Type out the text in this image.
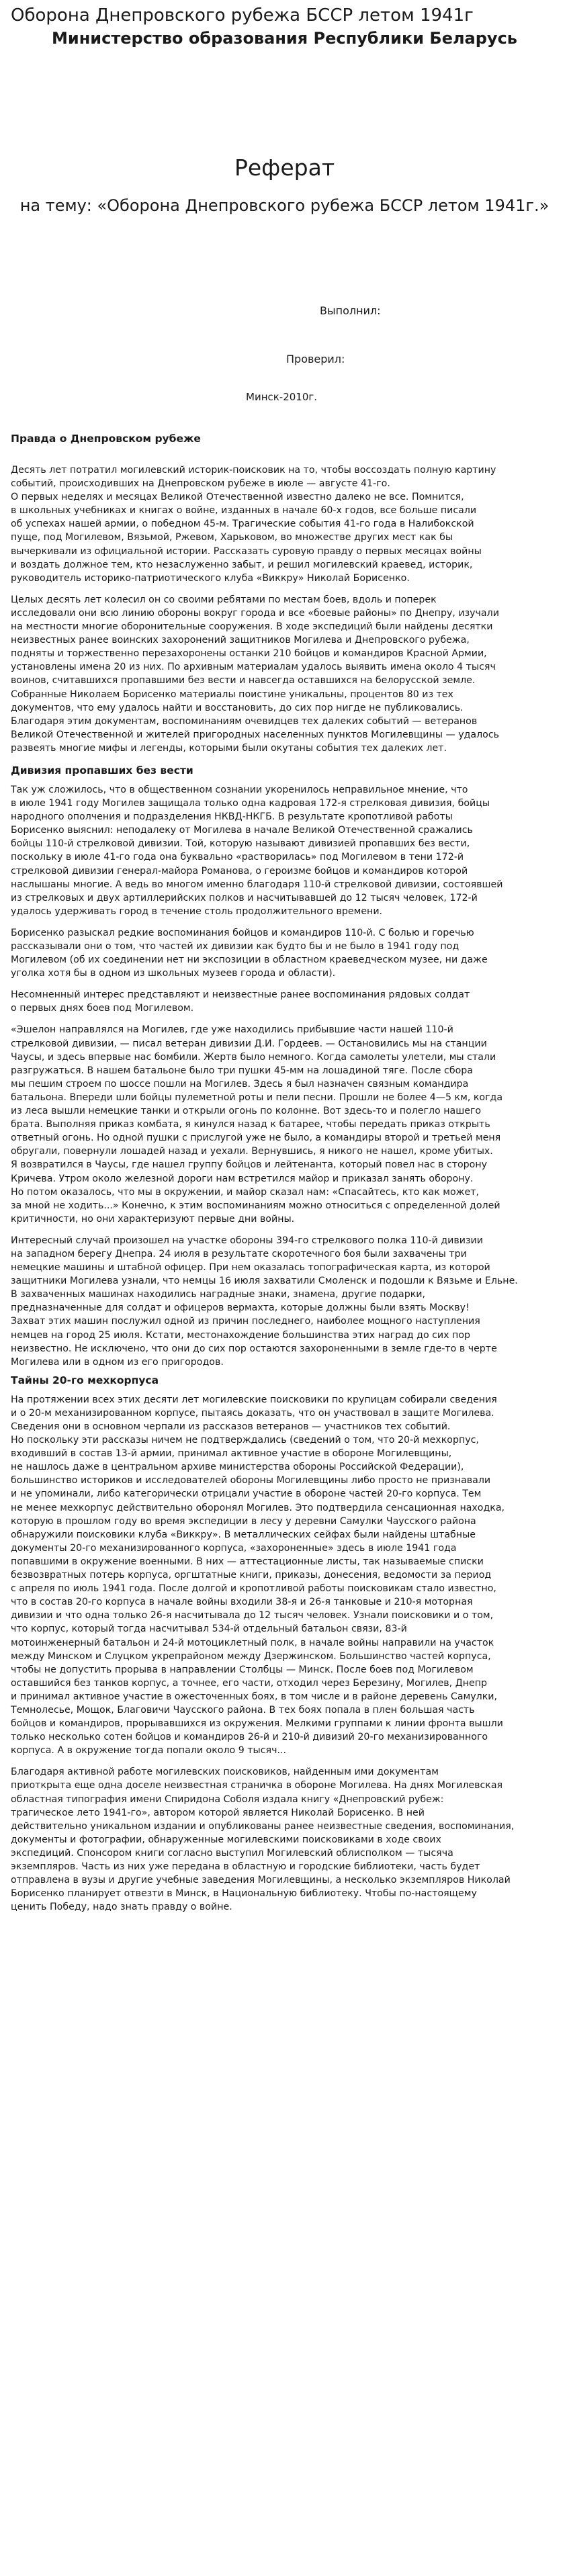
Оборона Днепровского рубежа БССР летом 1941г
Министерство образования Республики Беларусь
Реферат
на тему: «Оборона Днепровского рубежа БССР летом 1941г.»
Выполнил:
Проверил:
Минск-2010г.
Правда о Днепровском рубеже

Десять лет потратил могилевский историк-поисковик на то, чтобы воссоздать полную картину
событий, происходивших на Днепровском рубеже в июле — августе 41-го.
О первых неделях и месяцах Великой Отечественной известно далеко не все. Помнится,
в школьных учебниках и книгах о войне, изданных в начале 60-х годов, все больше писали
об успехах нашей армии, о победном 45-м. Трагические события 41-го года в Налибокской
пуще, под Могилевом, Вязьмой, Ржевом, Харьковом, во множестве других мест как бы
вычеркивали из официальной истории. Рассказать суровую правду о первых месяцах войны
и воздать должное тем, кто незаслуженно забыт, и решил могилевский краевед, историк,
руководитель историко-патриотического клуба «Виккру» Николай Борисенко.

Целых десять лет колесил он со своими ребятами по местам боев, вдоль и поперек
исследовали они всю линию обороны вокруг города и все «боевые районы» по Днепру, изучали
на местности многие оборонительные сооружения. В ходе экспедиций были найдены десятки
неизвестных ранее воинских захоронений защитников Могилева и Днепровского рубежа,
подняты и торжественно перезахоронены останки 210 бойцов и командиров Красной Армии,
установлены имена 20 из них. По архивным материалам удалось выявить имена около 4 тысяч
воинов, считавшихся пропавшими без вести и навсегда оставшихся на белорусской земле.
Собранные Николаем Борисенко материалы поистине уникальны, процентов 80 из тех
документов, что ему удалось найти и восстановить, до сих пор нигде не публиковались.
Благодаря этим документам, воспоминаниям очевидцев тех далеких событий — ветеранов
Великой Отечественной и жителей пригородных населенных пунктов Могилевщины — удалось
развеять многие мифы и легенды, которыми были окутаны события тех далеких лет.

Дивизия пропавших без вести

Так уж сложилось, что в общественном сознании укоренилось неправильное мнение, что
в июле 1941 году Могилев защищала только одна кадровая 172-я стрелковая дивизия, бойцы
народного ополчения и подразделения НКВД-НКГБ. В результате кропотливой работы
Борисенко выяснил: неподалеку от Могилева в начале Великой Отечественной сражались
бойцы 110-й стрелковой дивизии. Той, которую называют дивизией пропавших без вести,
поскольку в июле 41-го года она буквально «растворилась» под Могилевом в тени 172-й
стрелковой дивизии генерал-майора Романова, о героизме бойцов и командиров которой
наслышаны многие. А ведь во многом именно благодаря 110-й стрелковой дивизии, состоявшей
из стрелковых и двух артиллерийских полков и насчитывавшей до 12 тысяч человек, 172-й
удалось удерживать город в течение столь продолжительного времени.

Борисенко разыскал редкие воспоминания бойцов и командиров 110-й. С болью и горечью
рассказывали они о том, что частей их дивизии как будто бы и не было в 1941 году под
Могилевом (об их соединении нет ни экспозиции в областном краеведческом музее, ни даже
уголка хотя бы в одном из школьных музеев города и области).

Несомненный интерес представляют и неизвестные ранее воспоминания рядовых солдат
о первых днях боев под Могилевом.

«Эшелон направлялся на Могилев, где уже находились прибывшие части нашей 110-й
стрелковой дивизии, — писал ветеран дивизии Д.И. Гордеев. — Остановились мы на станции
Чаусы, и здесь впервые нас бомбили. Жертв было немного. Когда самолеты улетели, мы стали
разгружаться. В нашем батальоне было три пушки 45-мм на лошадиной тяге. После сборa
мы пешим строем по шоссе пошли на Могилев. Здесь я был назначен связным командира
батальона. Впереди шли бойцы пулеметной роты и пели песни. Прошли не более 4—5 км, когда
из леса вышли немецкие танки и открыли огонь по колонне. Вот здесь-то и полегло нашего
брата. Выполняя приказ комбата, я кинулся назад к батарее, чтобы передать приказ открыть
ответный огонь. Но одной пушки с прислугой уже не было, а командиры второй и третьей меня
обругали, повернули лошадей назад и уехали. Вернувшись, я никого не нашел, кроме убитых.
Я возвратился в Чаусы, где нашел группу бойцов и лейтенанта, который повел нас в сторону
Кричева. Утром около железной дороги нам встретился майор и приказал занять оборону.
Но потом оказалось, что мы в окружении, и майор сказал нам: «Спасайтесь, кто как может,
за мной не ходить...» Конечно, к этим воспоминаниям можно относиться с определенной долей
критичности, но они характеризуют первые дни войны.

Интересный случай произошел на участке обороны 394-го стрелкового полка 110-й дивизии
на западном берегу Днепра. 24 июля в результате скоротечного боя были захвачены три
немецкие машины и штабной офицер. При нем оказалась топографическая карта, из которой
защитники Могилева узнали, что немцы 16 июля захватили Смоленск и подошли к Вязьме и Ельне.
В захваченных машинах находились наградные знаки, знамена, другие подарки,
предназначенные для солдат и офицеров вермахта, которые должны были взять Москву!
Захват этих машин послужил одной из причин последнего, наиболее мощного наступления
немцев на город 25 июля. Кстати, местонахождение большинства этих наград до сих пор
неизвестно. Не исключено, что они до сих пор остаются захороненными в земле где-то в черте
Могилева или в одном из его пригородов.

Тайны 20-го мехкорпуса

На протяжении всех этих десяти лет могилевские поисковики по крупицам собирали сведения
и о 20-м механизированном корпусе, пытаясь доказать, что он участвовал в защите Могилева.
Сведения они в основном черпали из рассказов ветеранов — участников тех событий.
Но поскольку эти рассказы ничем не подтверждались (сведений о том, что 20-й мехкорпус,
входивший в состав 13-й армии, принимал активное участие в обороне Могилевщины,
не нашлось даже в центральном архиве министерства обороны Российской Федерации),
большинство историков и исследователей обороны Могилевщины либо просто не признавали
и не упоминали, либо категорически отрицали участие в обороне частей 20-го корпуса. Тем
не менее мехкорпус действительно оборонял Могилев. Это подтвердила сенсационная находка,
которую в прошлом году во время экспедиции в лесу у деревни Самулки Чаусского района
обнаружили поисковики клуба «Виккру». В металлических сейфах были найдены штабные
документы 20-го механизированного корпуса, «захороненные» здесь в июле 1941 года
попавшими в окружение военными. В них — аттестационные листы, так называемые списки
безвозвратных потерь корпуса, оргштатные книги, приказы, донесения, ведомости за период
с апреля по июль 1941 года. После долгой и кропотливой работы поисковикам стало известно,
что в состав 20-го корпуса в начале войны входили 38-я и 26-я танковые и 210-я моторная
дивизии и что одна только 26-я насчитывала до 12 тысяч человек. Узнали поисковики и о том,
что корпус, который тогда насчитывал 534-й отдельный батальон связи, 83-й
мотоинженерный батальон и 24-й мотоциклетный полк, в начале войны направили на участок
между Минском и Слуцком укрепрайоном между Дзержинском. Большинство частей корпуса,
чтобы не допустить прорыва в направлении Столбцы — Минск. После боев под Могилевом
оставшийся без танков корпус, а точнее, его части, отходил через Березину, Могилев, Днепр
и принимал активное участие в ожесточенных боях, в том числе и в районе деревень Самулки,
Темнолесье, Мощок, Благовичи Чаусского района. В тех боях попала в плен большая часть
бойцов и командиров, прорывавшихся из окружения. Мелкими группами к линии фронта вышли
только несколько сотен бойцов и командиров 26-й и 210-й дивизий 20-го механизированного
корпуса. А в окружение тогда попали около 9 тысяч...

Благодаря активной работе могилевских поисковиков, найденным ими документам
приоткрыта еще одна доселе неизвестная страничка в обороне Могилева. На днях Могилевская
областная типография имени Спиридона Соболя издала книгу «Днепровский рубеж:
трагическое лето 1941-го», автором которой является Николай Борисенко. В ней
действительно уникальном издании и опубликованы ранее неизвестные сведения, воспоминания,
документы и фотографии, обнаруженные могилевскими поисковиками в ходе своих
экспедиций. Спонсором книги согласно выступил Могилевский облисполком — тысяча
экземпляров. Часть из них уже передана в областную и городские библиотеки, часть будет
отправлена в вузы и другие учебные заведения Могилевщины, а несколько экземпляров Николай
Борисенко планирует отвезти в Минск, в Национальную библиотеку. Чтобы по-настоящему
ценить Победу, надо знать правду о войне.
